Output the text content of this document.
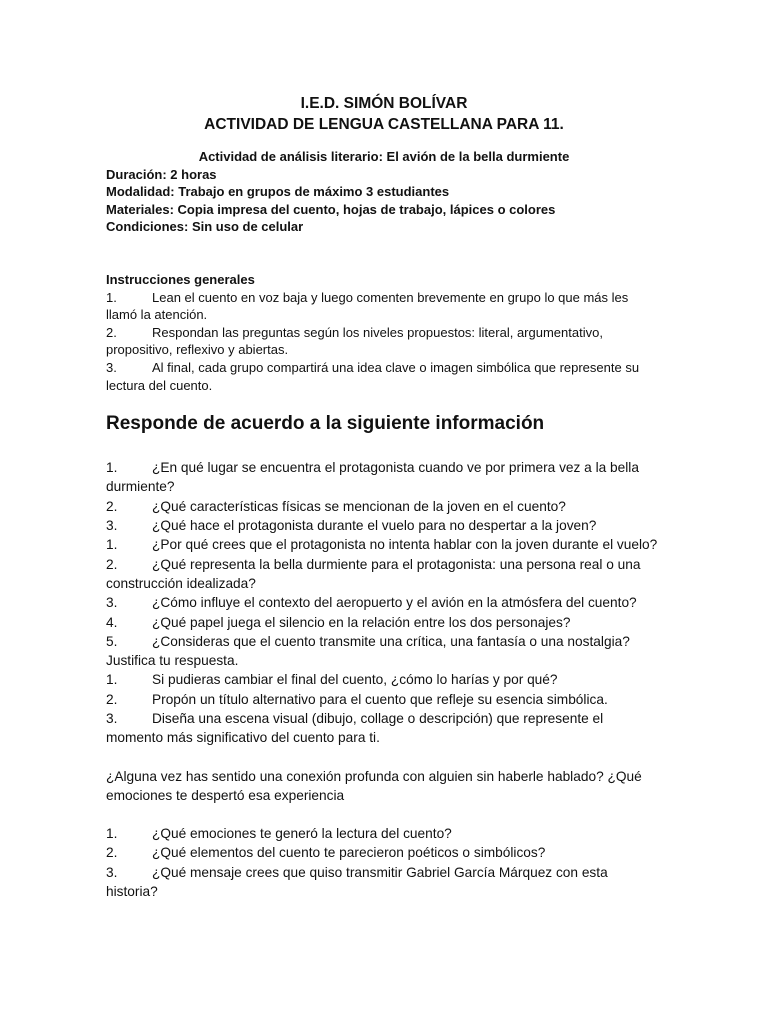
I.E.D. SIMÓN BOLÍVAR
ACTIVIDAD DE LENGUA CASTELLANA PARA 11.
Actividad de análisis literario: El avión de la bella durmiente
Duración: 2 horas
Modalidad: Trabajo en grupos de máximo 3 estudiantes
Materiales: Copia impresa del cuento, hojas de trabajo, lápices o colores
Condiciones: Sin uso de celular
Instrucciones generales
1.	Lean el cuento en voz baja y luego comenten brevemente en grupo lo que más les llamó la atención.
2.	Respondan las preguntas según los niveles propuestos: literal, argumentativo, propositivo, reflexivo y abiertas.
3.	Al final, cada grupo compartirá una idea clave o imagen simbólica que represente su lectura del cuento.
Responde de acuerdo a la siguiente información
1.	¿En qué lugar se encuentra el protagonista cuando ve por primera vez a la bella durmiente?
2.	¿Qué características físicas se mencionan de la joven en el cuento?
3.	¿Qué hace el protagonista durante el vuelo para no despertar a la joven?
1.	¿Por qué crees que el protagonista no intenta hablar con la joven durante el vuelo?
2.	¿Qué representa la bella durmiente para el protagonista: una persona real o una construcción idealizada?
3.	¿Cómo influye el contexto del aeropuerto y el avión en la atmósfera del cuento?
4.	¿Qué papel juega el silencio en la relación entre los dos personajes?
5.	¿Consideras que el cuento transmite una crítica, una fantasía o una nostalgia? Justifica tu respuesta.
1.	Si pudieras cambiar el final del cuento, ¿cómo lo harías y por qué?
2.	Propón un título alternativo para el cuento que refleje su esencia simbólica.
3.	Diseña una escena visual (dibujo, collage o descripción) que represente el momento más significativo del cuento para ti.
¿Alguna vez has sentido una conexión profunda con alguien sin haberle hablado? ¿Qué emociones te despertó esa experiencia
1.	¿Qué emociones te generó la lectura del cuento?
2.	¿Qué elementos del cuento te parecieron poéticos o simbólicos?
3.	¿Qué mensaje crees que quiso transmitir Gabriel García Márquez con esta historia?
